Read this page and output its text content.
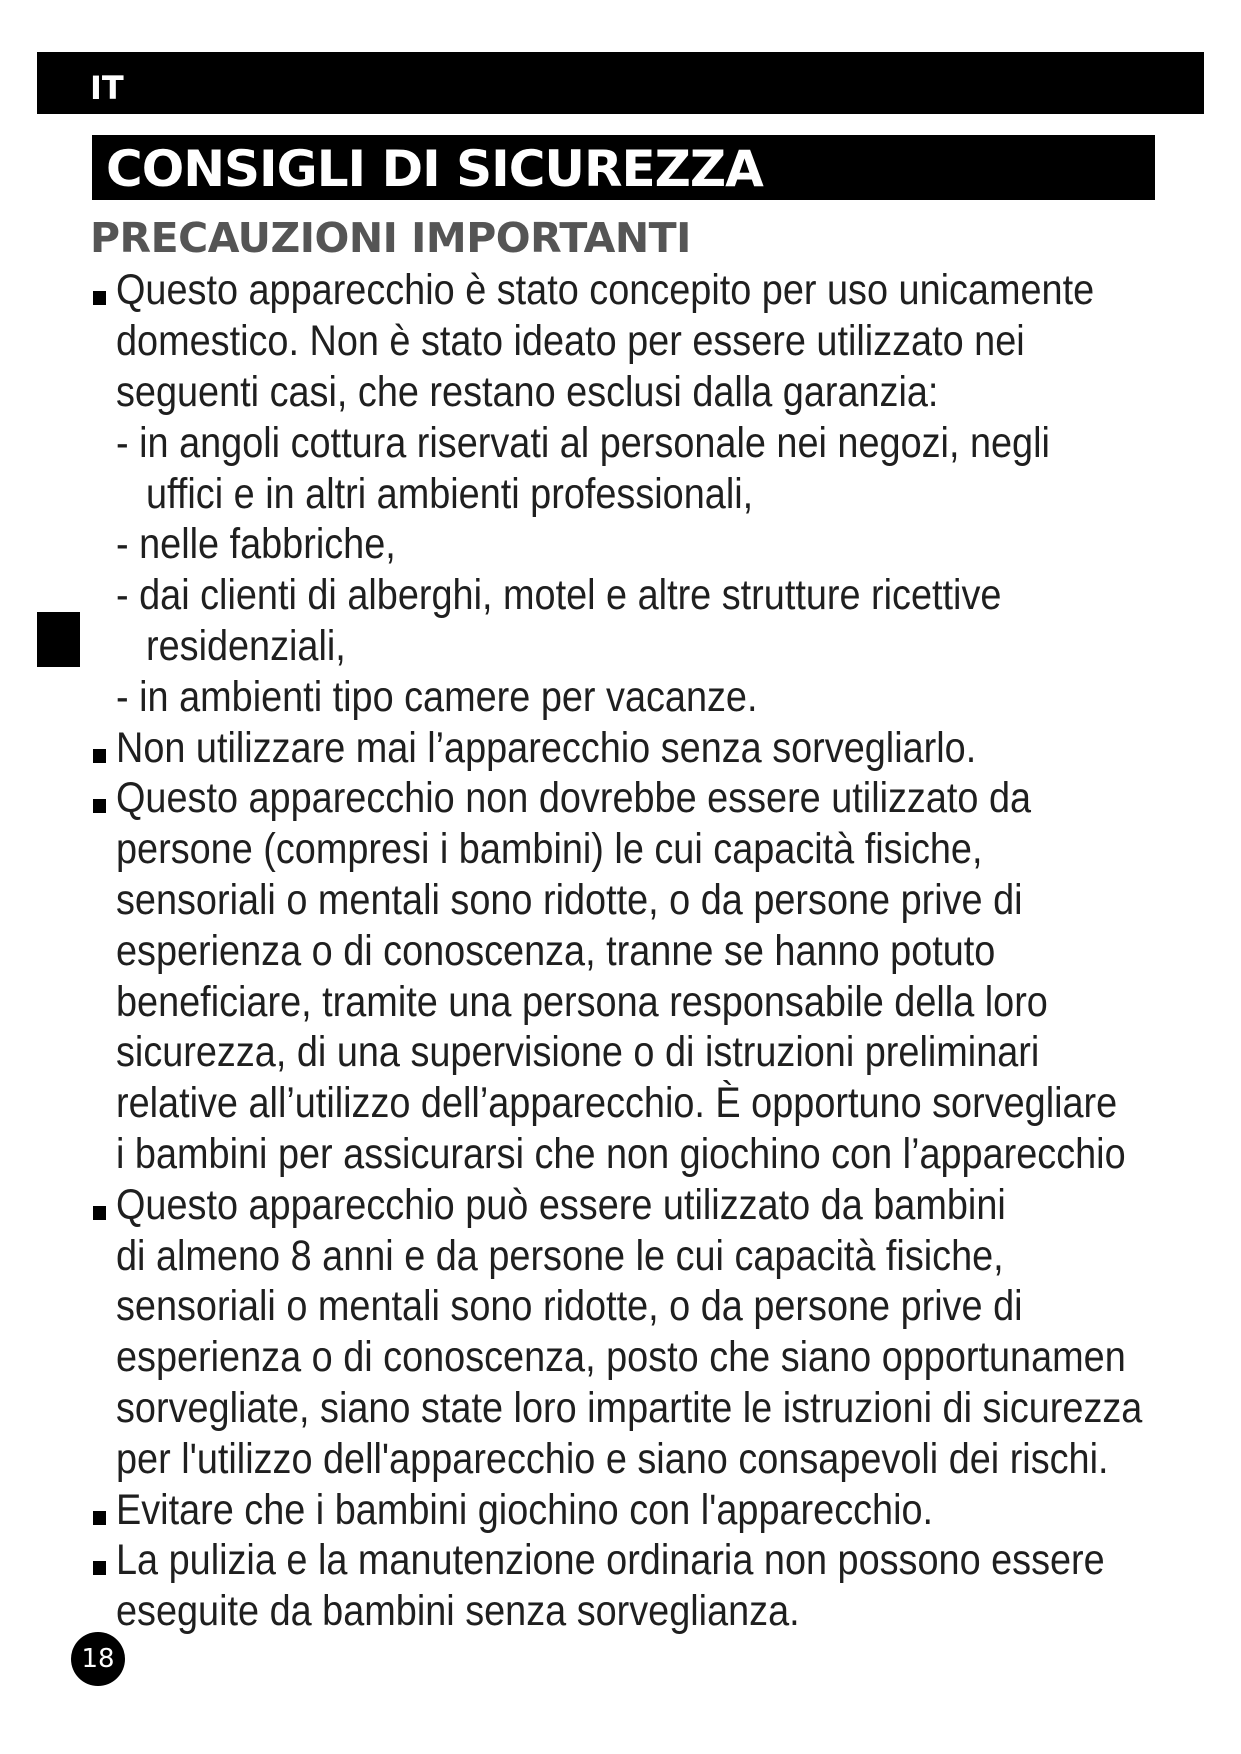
IT
CONSIGLI DI SICUREZZA
PRECAUZIONI IMPORTANTI
Questo apparecchio è stato concepito per uso unicamente
domestico. Non è stato ideato per essere utilizzato nei
seguenti casi, che restano esclusi dalla garanzia:
- in angoli cottura riservati al personale nei negozi, negli
uffici e in altri ambienti professionali,
- nelle fabbriche,
- dai clienti di alberghi, motel e altre strutture ricettive
residenziali,
- in ambienti tipo camere per vacanze.
Non utilizzare mai l’apparecchio senza sorvegliarlo.
Questo apparecchio non dovrebbe essere utilizzato da
persone (compresi i bambini) le cui capacità fisiche,
sensoriali o mentali sono ridotte, o da persone prive di
esperienza o di conoscenza, tranne se hanno potuto
beneficiare, tramite una persona responsabile della loro
sicurezza, di una supervisione o di istruzioni preliminari
relative all’utilizzo dell’apparecchio. È opportuno sorvegliare
i bambini per assicurarsi che non giochino con l’apparecchio
Questo apparecchio può essere utilizzato da bambini
di almeno 8 anni e da persone le cui capacità fisiche,
sensoriali o mentali sono ridotte, o da persone prive di
esperienza o di conoscenza, posto che siano opportunamen
sorvegliate, siano state loro impartite le istruzioni di sicurezza
per l'utilizzo dell'apparecchio e siano consapevoli dei rischi.
Evitare che i bambini giochino con l'apparecchio.
La pulizia e la manutenzione ordinaria non possono essere
eseguite da bambini senza sorveglianza.
18
